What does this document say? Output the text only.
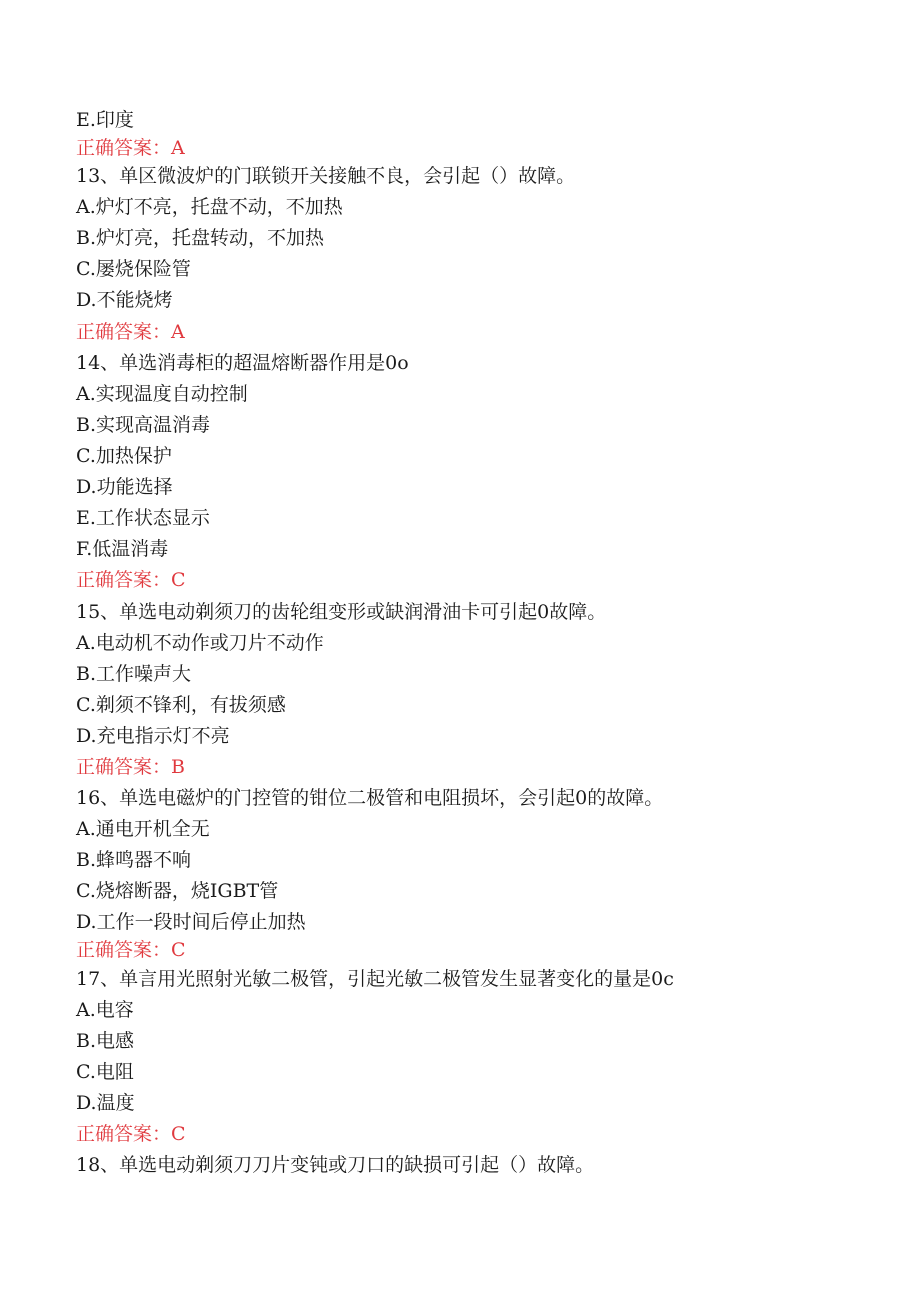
E.印度
正确答案：A
13、单区微波炉的门联锁开关接触不良，会引起（）故障。
A.炉灯不亮，托盘不动，不加热
B.炉灯亮，托盘转动，不加热
C.屡烧保险管
D.不能烧烤
正确答案：A
14、单选消毒柜的超温熔断器作用是0o
A.实现温度自动控制
B.实现高温消毒
C.加热保护
D.功能选择
E.工作状态显示
F.低温消毒
正确答案：C
15、单选电动剃须刀的齿轮组变形或缺润滑油卡可引起0故障。
A.电动机不动作或刀片不动作
B.工作噪声大
C.剃须不锋利，有拔须感
D.充电指示灯不亮
正确答案：B
16、单选电磁炉的门控管的钳位二极管和电阻损坏，会引起0的故障。
A.通电开机全无
B.蜂鸣器不响
C.烧熔断器，烧IGBT管
D.工作一段时间后停止加热
正确答案：C
17、单言用光照射光敏二极管，引起光敏二极管发生显著变化的量是0c
A.电容
B.电感
C.电阻
D.温度
正确答案：C
18、单选电动剃须刀刀片变钝或刀口的缺损可引起（）故障。
